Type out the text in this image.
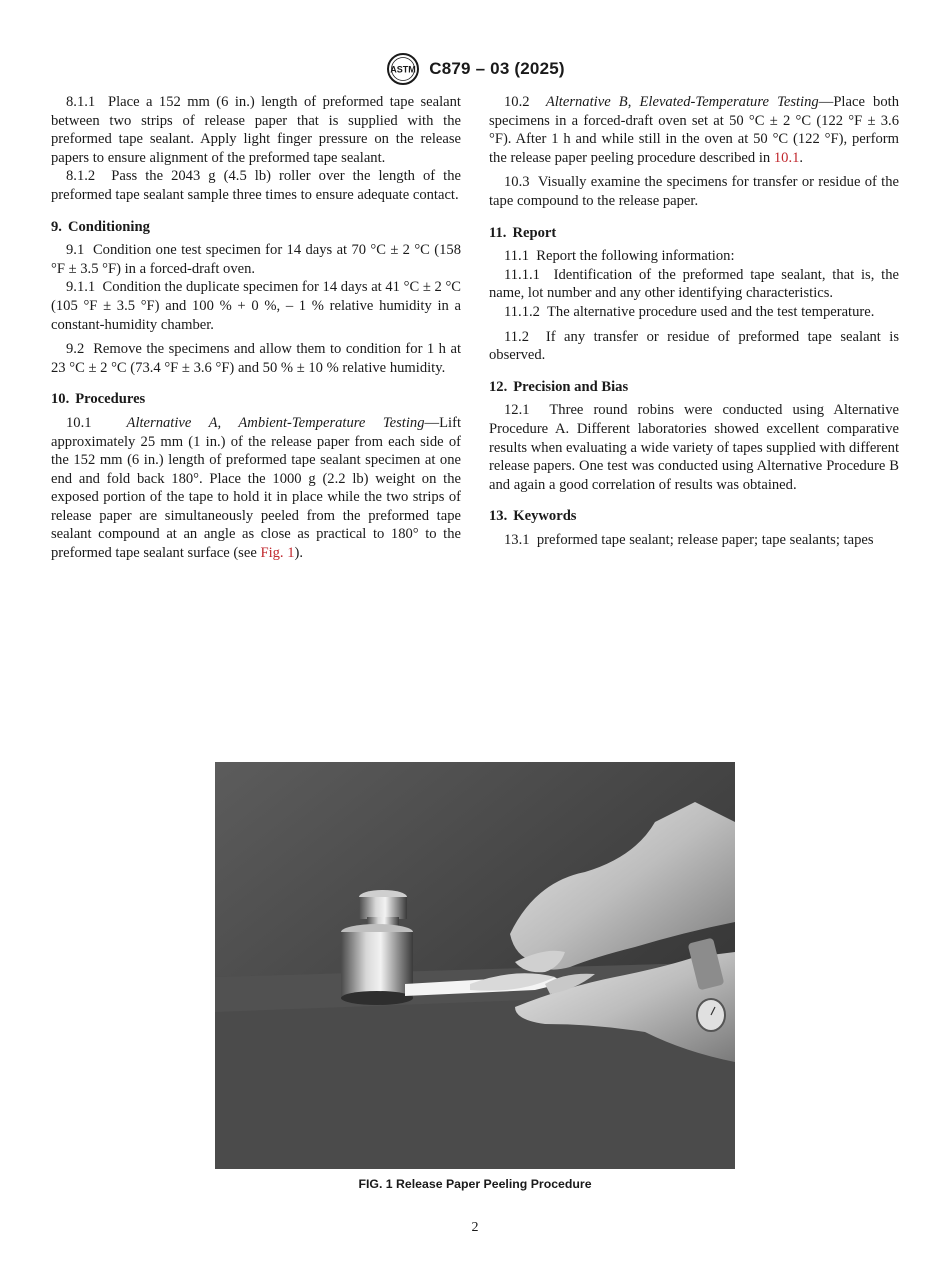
ASTM C879 – 03 (2025)

8.1.1 Place a 152 mm (6 in.) length of preformed tape sealant between two strips of release paper that is supplied with the preformed tape sealant. Apply light finger pressure on the release papers to ensure alignment of the preformed tape sealant.

8.1.2 Pass the 2043 g (4.5 lb) roller over the length of the preformed tape sealant sample three times to ensure adequate contact.

9. Conditioning

9.1 Condition one test specimen for 14 days at 70 °C ± 2 °C (158 °F ± 3.5 °F) in a forced-draft oven.

9.1.1 Condition the duplicate specimen for 14 days at 41 °C ± 2 °C (105 °F ± 3.5 °F) and 100 % + 0 %, – 1 % relative humidity in a constant-humidity chamber.

9.2 Remove the specimens and allow them to condition for 1 h at 23 °C ± 2 °C (73.4 °F ± 3.6 °F) and 50 % ± 10 % relative humidity.

10. Procedures

10.1 Alternative A, Ambient-Temperature Testing—Lift approximately 25 mm (1 in.) of the release paper from each side of the 152 mm (6 in.) length of preformed tape sealant specimen at one end and fold back 180°. Place the 1000 g (2.2 lb) weight on the exposed portion of the tape to hold it in place while the two strips of release paper are simultaneously peeled from the preformed tape sealant compound at an angle as close as practical to 180° to the preformed tape sealant surface (see Fig. 1).

10.2 Alternative B, Elevated-Temperature Testing—Place both specimens in a forced-draft oven set at 50 °C ± 2 °C (122 °F ± 3.6 °F). After 1 h and while still in the oven at 50 °C (122 °F), perform the release paper peeling procedure described in 10.1.

10.3 Visually examine the specimens for transfer or residue of the tape compound to the release paper.

11. Report

11.1 Report the following information:

11.1.1 Identification of the preformed tape sealant, that is, the name, lot number and any other identifying characteristics.

11.1.2 The alternative procedure used and the test temperature.

11.2 If any transfer or residue of preformed tape sealant is observed.

12. Precision and Bias

12.1 Three round robins were conducted using Alternative Procedure A. Different laboratories showed excellent comparative results when evaluating a wide variety of tapes supplied with different release papers. One test was conducted using Alternative Procedure B and again a good correlation of results was obtained.

13. Keywords

13.1 preformed tape sealant; release paper; tape sealants; tapes

FIG. 1 Release Paper Peeling Procedure
2
